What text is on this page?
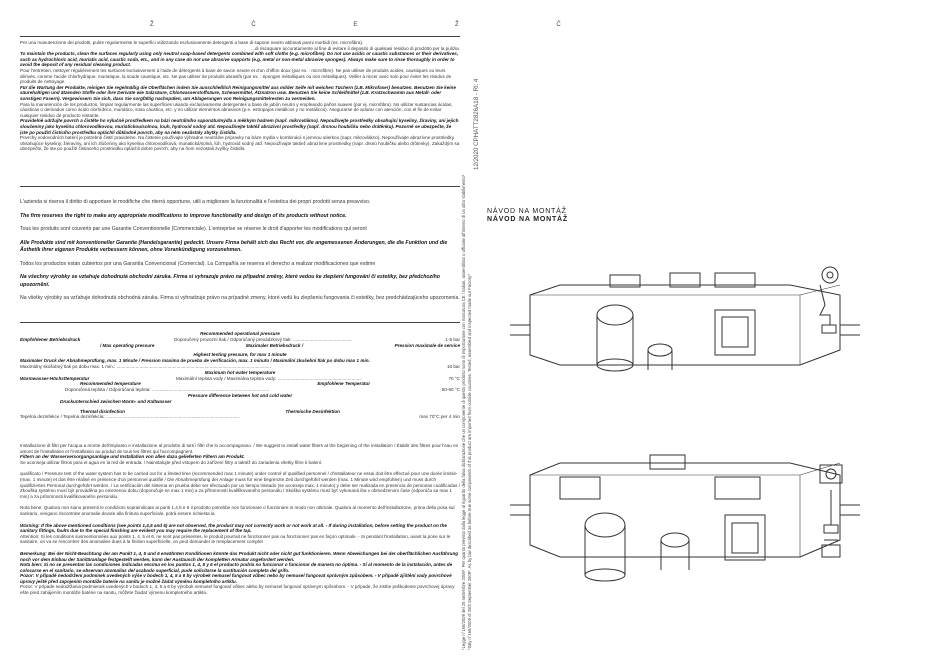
Ž Č E Ž Č

Per una manutenzione dei prodotti, pulire regolarmente le superfici utilizzando esclusivamente detergenti a base di sapone neutro abbinati panni morbidi (es. microfibra).

...di riscaquare accuratamente al fine di evitare il deposito di qualsiasi residuo di prodotto per la pulizia.

To maintain the products, clean the surfaces regularly using only neutral soap-based detergents combined with soft cloths (e.g. microfibre). Do not use acidic or caustic substances or their derivatives, such as hydrochloric acid, muriatic acid, caustic soda, etc., and in any case do not use abrasive supports (e.g. metal or non-metal abrasive sponges). Always make sure to rinse thoroughly in order to avoid the deposit of any residual cleaning product.

Pour l'entretien, nettoyer régulièrement les surfaces exclusivement à l'aide de détergents à base de savon neutre et d'un chiffon doux (par ex. : microfibre). Ne pas utiliser de produits acides, caustiques ou leurs dérivés, comme l'acide chlorhydrique, muriatique, la soude caustique, etc. Ne pas utiliser de produits abrasifs (par ex. : éponges métalliques ou non métalliques). Veiller à rincer avec soin pour éviter les résidus de produits de nettoyage.

Für die Wartung der Produkte, reinigen Sie regelmäßig die Oberflächen indem Sie ausschließlich Reinigungsmittel aus milder Seife mit weichen Tüchern (z.B. Mikrofaser) benutzen. Benutzen Sie keine säurehaltigen und ätzenden Stoffe oder ihre Derivate wie Salzsäure, Chlorwasserstoffsäure, Scheuermittel, Ätznatron usw. Benutzen Sie keine Schleifmittel (z.B. Kratzschwamm aus Metall- oder sonstigen Fasern). Vergewissern Sie sich, dass Sie sorgfältig nachspülen, um Ablagerungen von Reinigungsmittelresten zu vermeiden.

Para la manutención de los productos, limpiar regularmente las superficies usando exclusivamente detergentes a base de jabón neutro y empleando paños suaves (por ej. microfibra). No utilizar sustancias ácidas, cáusticas o derivados como ácido clorhídrico, muriático, sosa cáustica, etc. y no utilizar elementos abrasivos (p.e. estropajos metálicos y no metálicos). Asegurarse de aclarar con atención, con el fin de evitar cualquier residuo de producto restante.

Pravidelně udržujte povrch a čistěte ho výlučně prostředkem na bázi neutrálního saponátu/mýdla a měkkým hadrem (např. mikrovlákno). Nepoužívejte prostředky obsahující kyseliny, žíraviny, ani jejich sloučeniny jako kyselinu chlorovodíkovou, muriatickou/solnou, louh, hydroxid sodný atd. Nepoužívejte taktéž abrazivní prostředky (např. drsnou houbičku nebo drátěnku). Pozorně se ubezpečte, že jste po použití čisticího prostředku opláchli důkladně povrch, aby na něm nezůstaly zbytky čistidla.

Povrchy vodovodních batérií je potrebné čistiť pravidelne. Na čistenie používajte výhradne neutrálne prípravky na báze mydla v kombinácii s jemnou utierkou (napr. mikrovlákno). Nepoužívajte abrazívne prostriedky obsahujúce kyseliny, žieraviny, ani ich zlúčeniny ako kyselina chlorovodíková, muriatická/solná, lúh, hydroxid sodný atď. Nepoužívajte taktiež abrazívne prostriedky (napr. drsnú houbičku alebo drôtenky). Zakaždým sa ubezpečte, že ste po použití čistiaceho prostriedku opláchli dobre povrch, aby na ňom nezostali zvyšky čistidla.

L'azienda si riserva il diritto di apportare le modifiche che riterrà opportune, utili a migliorare la funzionalità e l'estetica dei propri prodotti senza preavviso.

The firm reserves the right to make any appropriate modifications to improve functionality and design of its products without notice.

Tous les produits sont couverts par une Garantie Conventionnelle (Commerciale). L'entreprise se réserve le droit d'apporter les modifications qui seront

Alle Produkte sind mit konventioneller Garantie (Handelsgarantie) gedeckt. Unsere Firma behält sich das Recht vor, die angemessenen Änderungen, die die Funktion und die Ästhetik ihrer eigenen Produkte verbessern können, ohne Vorankündigung vorzunehmen.

Todos los productos están cubiertos por una Garantía Convencional (Comercial). La Compañía se reserva el derecho a realizar modificaciones que estime

Na všechny výrobky se vztahuje dohodnutá obchodní záruka. Firma si vyhrazuje právo na případné změny, které vedou ke zlepšení fungování či estetiky, bez předchozího upozornění.

Na všetky výrobky sa vzťahuje dohodnutá obchodná záruka. Firma si vyhradzuje právo na prípadné zmeny, ktoré vedú ku zlepšeniu fungovania či estetiky, bez predchádzajúceho upozornenia.

Recommended operational pressure
Empfohlener Betriebsdruck	Doporučený provozní tlak / Odporúčaný prevádzkový tlak: ..............................................	1-5 bar
/ Max operating pressure	Maximaler Betriebsdruck /	Pression maximale de service
Highest testing pressure, for max 1 minute
Maximaler Druck der Abnahmeprüfung, max. 1 Minute / Pression maxima de prueba de verificación, max. 1 minuto / Maximální zkušební tlak po dobu max 1 min.
Maximálny skúšobný tlak po dobu max. 1 min.: .........................................................................................................................	16 bar
Maximum hot water temperature
Warmwasser-Höchsttemperatur	Maximální teplota vody / Maximálna teplota vody: ..................................................................	70 °C
Recommended temperature	Empfohlene Temperatur
Doporučená teplota / Odporúčaná teplota: ............................................................................................	50-60 °C
Pressure difference between hot and cold water
Druckunterschied zwischen Warm- und Kaltwasser
Thermal disinfection	Thermische Desinfektion
Tepelná dezinfekce / Tepelná dezinfekcia: .........................................................................................................	max 70°C per 4 min

Installazione di filtri per l'acqua a monte dell'impianto e installazione al prodotto di tutti i filtri che lo accompagnano. / We suggest to install water filters at the beginning of the installation / Établir des filtres pour l'eau en amont de l'installation et l'installation au produit de tous les filtres qui l'accompagnent.

Filtern an der Wasserversorgungsanlage und Installation von allen dazu gelieferten Filtern am Produkt.

Se aconseja utilizar filtros para el agua en la red de entrada. / Nainstalujte před vstupem do zařízení filtry a taktéž do zariadenia všetky filtre k balení.

qualificato / Pressure test of the water system has to be carried out for a limited time (recommended max 1 minute) under control of qualified personnel / d'installateur ne essai doit être effectué pour une durée limitée (max. 1 minute) et doit être réalisé en présence d'un personnel qualifié / Die Abnahmeprüfung der Anlage muss für eine begrenzte Zeit durchgeführt werden (max. 1 Minute wird empfohlen) und muss durch qualifiziertes Personal durchgeführt werden. / La verificación del sistema en prueba debe ser efectuado por un tiempo limitado (se aconseja max. 1 minuto) y debe ser realizada en presencia de personas cualificadas / Zkouška systému musí být prováděna po omezenou dobu (doporučuje se max 1 min) a za přítomnosti kvalifikovaného personálu / Skúška systému musí byť vykonaná iba v obmedzenom čase (odporúča sa max 1 min) a za prítomnosti kvalifikovaného personálu.

Nota bene: Qualora non siano presenti le condizioni sopraindicate ai punti 1,4,5 e 6 il prodotto potrebbe non funzionare o funzionare in modo non ottimale. Qualora al momento dell'installazione, prima della posa sul sanitario, vengano riscontrate anomalie dovute alla finitura superficiale, potrà essere richiesta la

Warning: If the above mentioned conditions (see points 1,4,5 and 6) are not observed, the product may not correctly work or not work at all. - If during installation, before setting the product on the sanitary fittings, faults due to the special finishing are evident you may require the replacement of the tap.

Attention: Si les conditions susmentionnées aux points 1, 4, 5 et 6, ne sont pas présentes, le produit pourrait ne fonctionner pas ou fonctionner pas en façon optimale. - Si pendant l'installation, avant la pose sur le sanitaire, on va se rencontrer des anomalies dues à la finition superficielle, on peut demander le remplacement complet

Bemerkung: Bei der Nicht-Beachtung der am Punkt 1, 4, 5 und 6 erwähnten Konditionen könnte das Produkt nicht oder nicht gut funktionieren. Wenn Abweichungen bei der oberflächlichen Ausführung noch vor dem Einbau der Sanitäranlage festgestellt werden, kann der Austausch der kompletten Armatur angefordert werden.

Nota bien: Si no se presentan las condiciones indicadas encima en los puntos 1, 4, 5 y 6 el producto podría no funcionar o funcionar de manera no óptima. - Si al momento de la instalación, antes de colocarse en el sanitario, se observan anomalías del acabado superficial, pude solicitarse la sustitución completa del grifo.

Pozor: V případě nedodržení podmínek uvedených výše v bodech 1, 4, 5 a 6 by výrobek nemusel fungovat vůbec nebo by nemusel fungovat správným způsobem. - V případě zjištění vady povrchové úpravy ještě před zapojením montáže baterie na sanitu je možné žádat výměnu kompletního artiklu.

Pozor: V prípade nedodržania podmienok uvedených v bodoch 1, 4, 5 a 6 by výrobok nemusel fungovať vôbec alebo by nemusel fungovať správnym spôsobom. - V prípade, že zistíte poškodenie povrchovej úpravy ešte pred zahájením montáže batérie na sanitu, môžete žiadať výmenu kompletného artikla.	*Legge n°166/2009 del 25 settembre 2009*. Per quanto previsto dalla legge al riguardo della falsa dichiarazione che un componente di questo prodotto sono di importazione con marcatura CE / Italian, assemblato o ufficiale all'interno di un altro stabilimento* *Italy n°166/2009 of 25th September 2009*. As by law described as before true some components of this product are imported from outside countries. Tested, assembled and inspected made our Factory*
12/2020 CPHATT2826A18 - Rl: 4
NÁVOD NA MONTÁŽ
NÁVOD NA MONTÁŽ
